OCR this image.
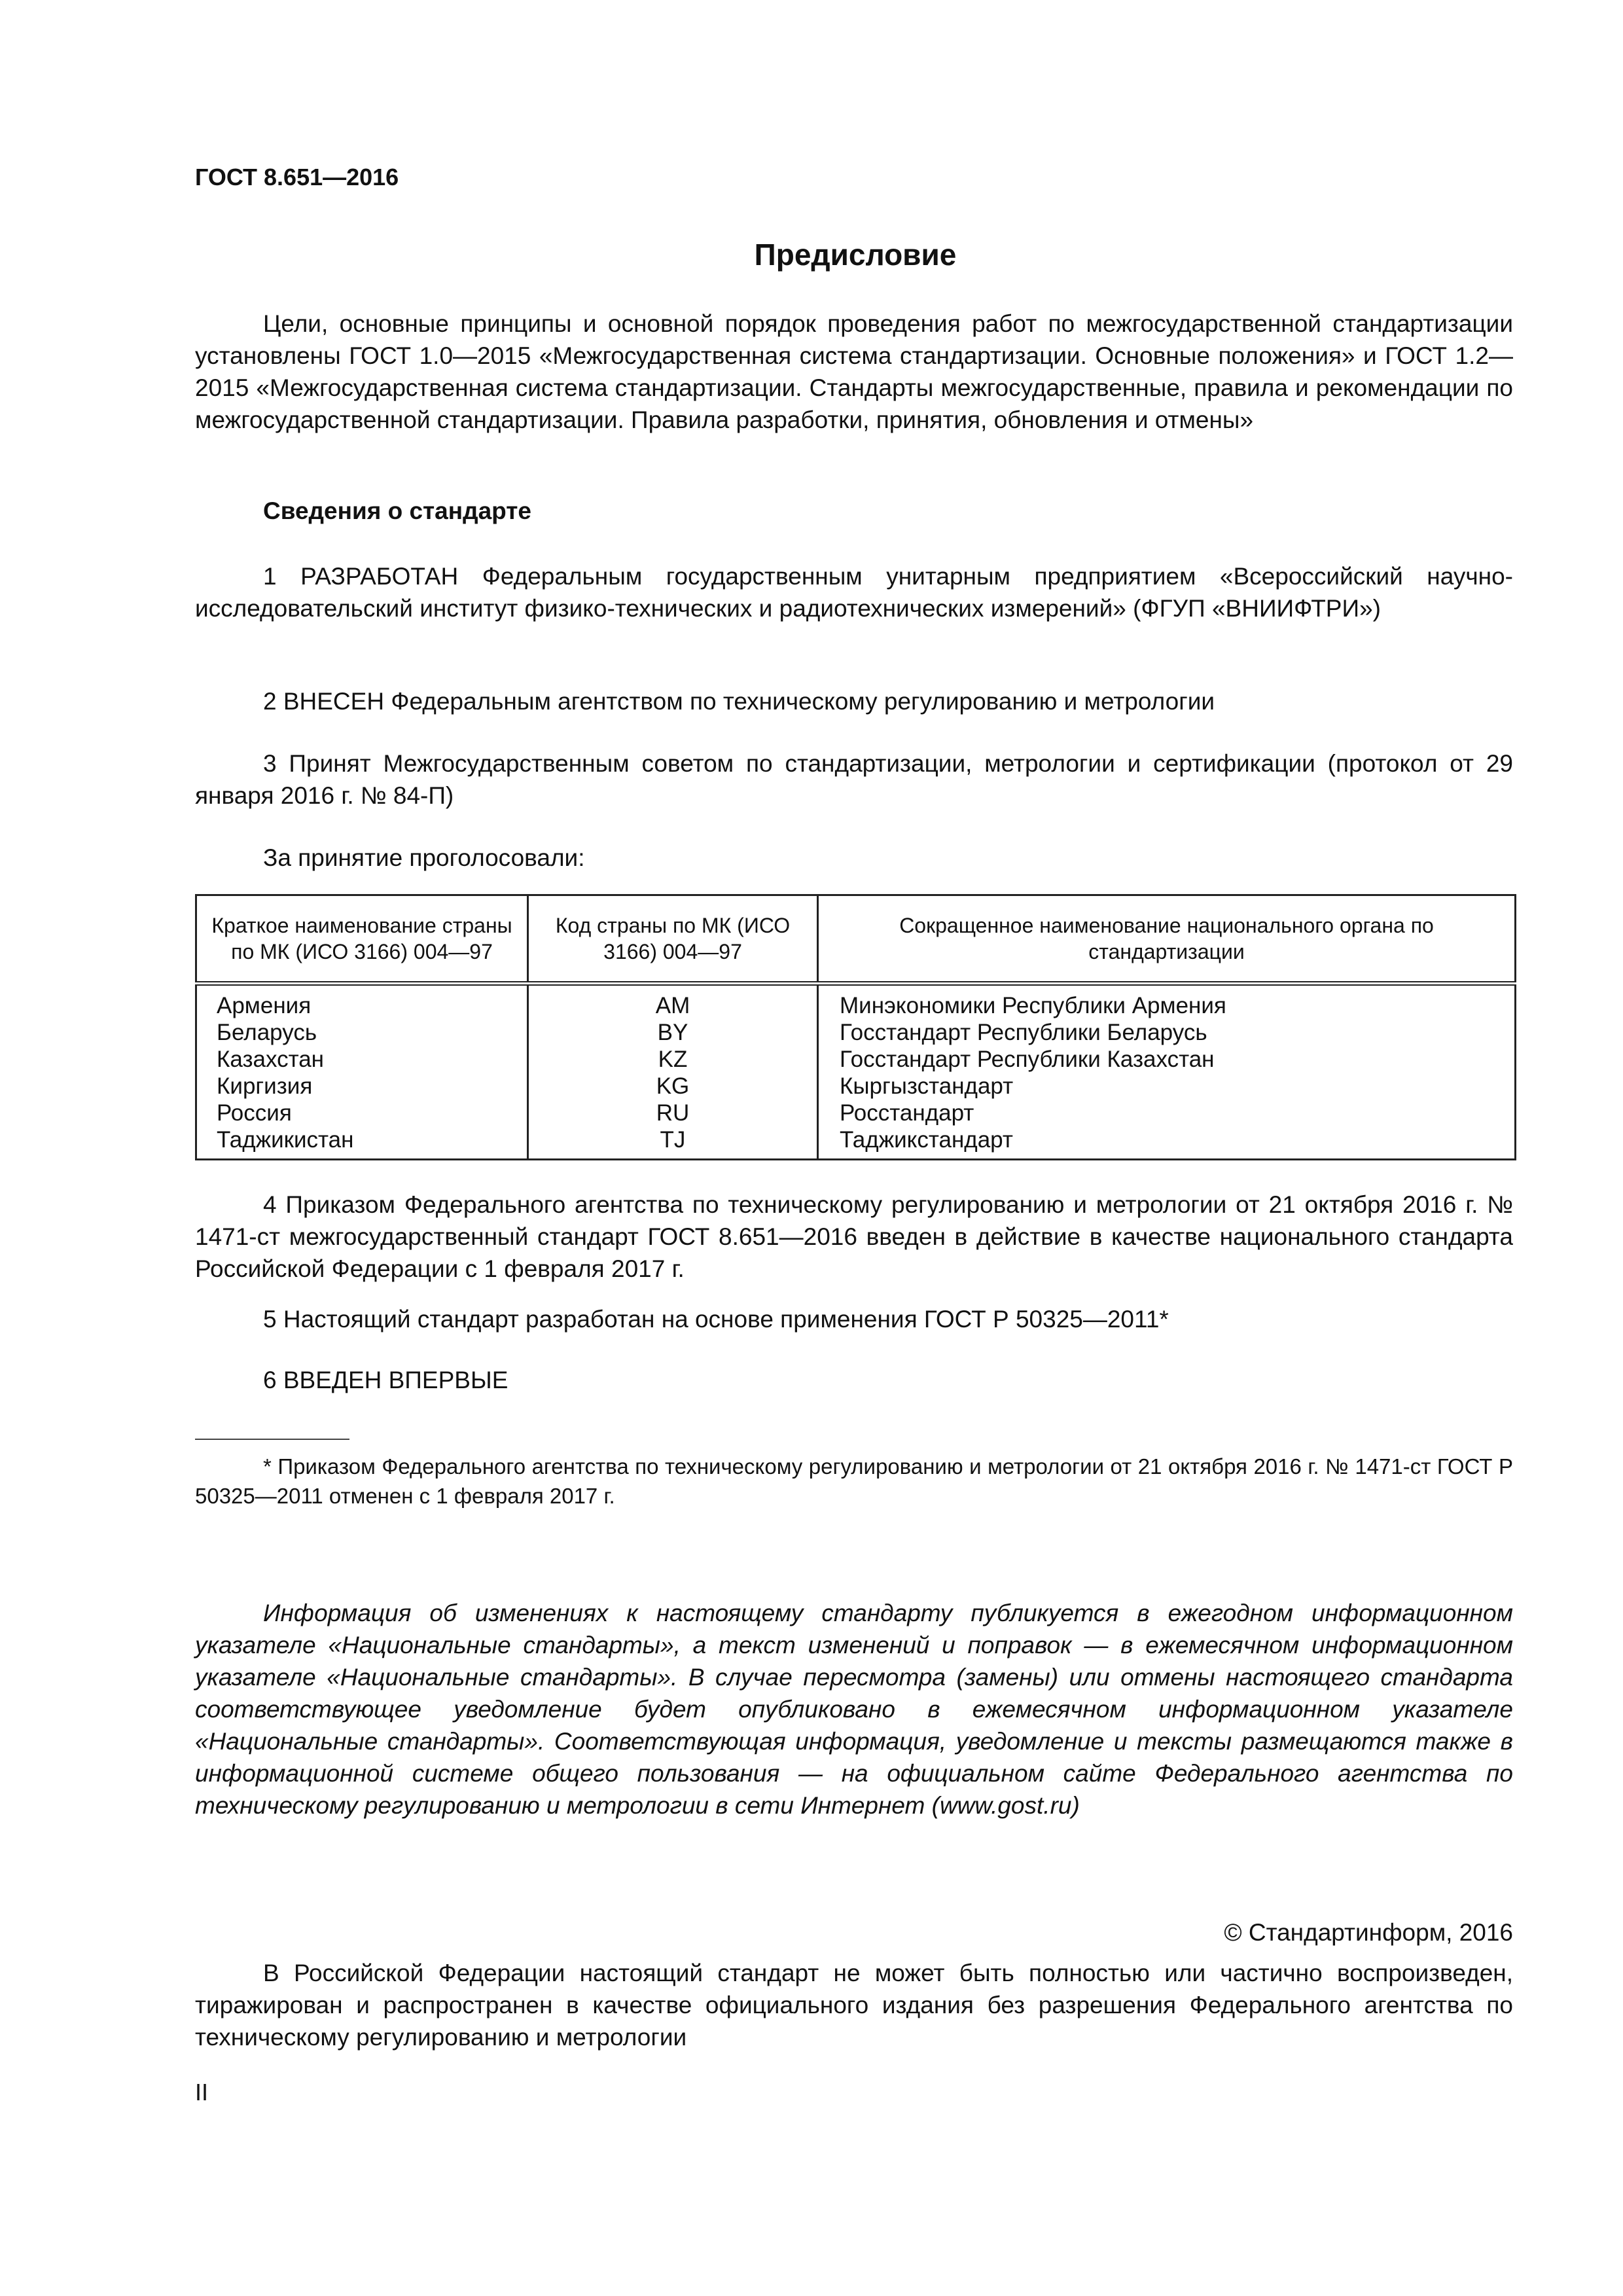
ГОСТ 8.651—2016
Предисловие
Цели, основные принципы и основной порядок проведения работ по межгосударственной стандартизации установлены ГОСТ 1.0—2015 «Межгосударственная система стандартизации. Основные положения» и ГОСТ 1.2—2015 «Межгосударственная система стандартизации. Стандарты межгосударственные, правила и рекомендации по межгосударственной стандартизации. Правила разработки, принятия, обновления и отмены»
Сведения о стандарте
1 РАЗРАБОТАН Федеральным государственным унитарным предприятием «Всероссийский научно-исследовательский институт физико-технических и радиотехнических измерений» (ФГУП «ВНИИФТРИ»)
2 ВНЕСЕН Федеральным агентством по техническому регулированию и метрологии
3 Принят Межгосударственным советом по стандартизации, метрологии и сертификации (протокол от 29 января 2016 г. № 84-П)
За принятие проголосовали:
Краткое наименование страны по МК (ИСО 3166) 004—97	Код страны по МК (ИСО 3166) 004—97	Сокращенное наименование национального органа по стандартизации
Армения	AM	Минэкономики Республики Армения
Беларусь	BY	Госстандарт Республики Беларусь
Казахстан	KZ	Госстандарт Республики Казахстан
Киргизия	KG	Кыргызстандарт
Россия	RU	Росстандарт
Таджикистан	TJ	Таджикстандарт
4 Приказом Федерального агентства по техническому регулированию и метрологии от 21 октября 2016 г. № 1471-ст межгосударственный стандарт ГОСТ 8.651—2016 введен в действие в качестве национального стандарта Российской Федерации с 1 февраля 2017 г.
5 Настоящий стандарт разработан на основе применения ГОСТ Р 50325—2011*
6 ВВЕДЕН ВПЕРВЫЕ
* Приказом Федерального агентства по техническому регулированию и метрологии от 21 октября 2016 г. № 1471-ст ГОСТ Р 50325—2011 отменен с 1 февраля 2017 г.
Информация об изменениях к настоящему стандарту публикуется в ежегодном информационном указателе «Национальные стандарты», а текст изменений и поправок — в ежемесячном информационном указателе «Национальные стандарты». В случае пересмотра (замены) или отмены настоящего стандарта соответствующее уведомление будет опубликовано в ежемесячном информационном указателе «Национальные стандарты». Соответствующая информация, уведомление и тексты размещаются также в информационной системе общего пользования — на официальном сайте Федерального агентства по техническому регулированию и метрологии в сети Интернет (www.gost.ru)
© Стандартинформ, 2016
В Российской Федерации настоящий стандарт не может быть полностью или частично воспроизведен, тиражирован и распространен в качестве официального издания без разрешения Федерального агентства по техническому регулированию и метрологии
II
